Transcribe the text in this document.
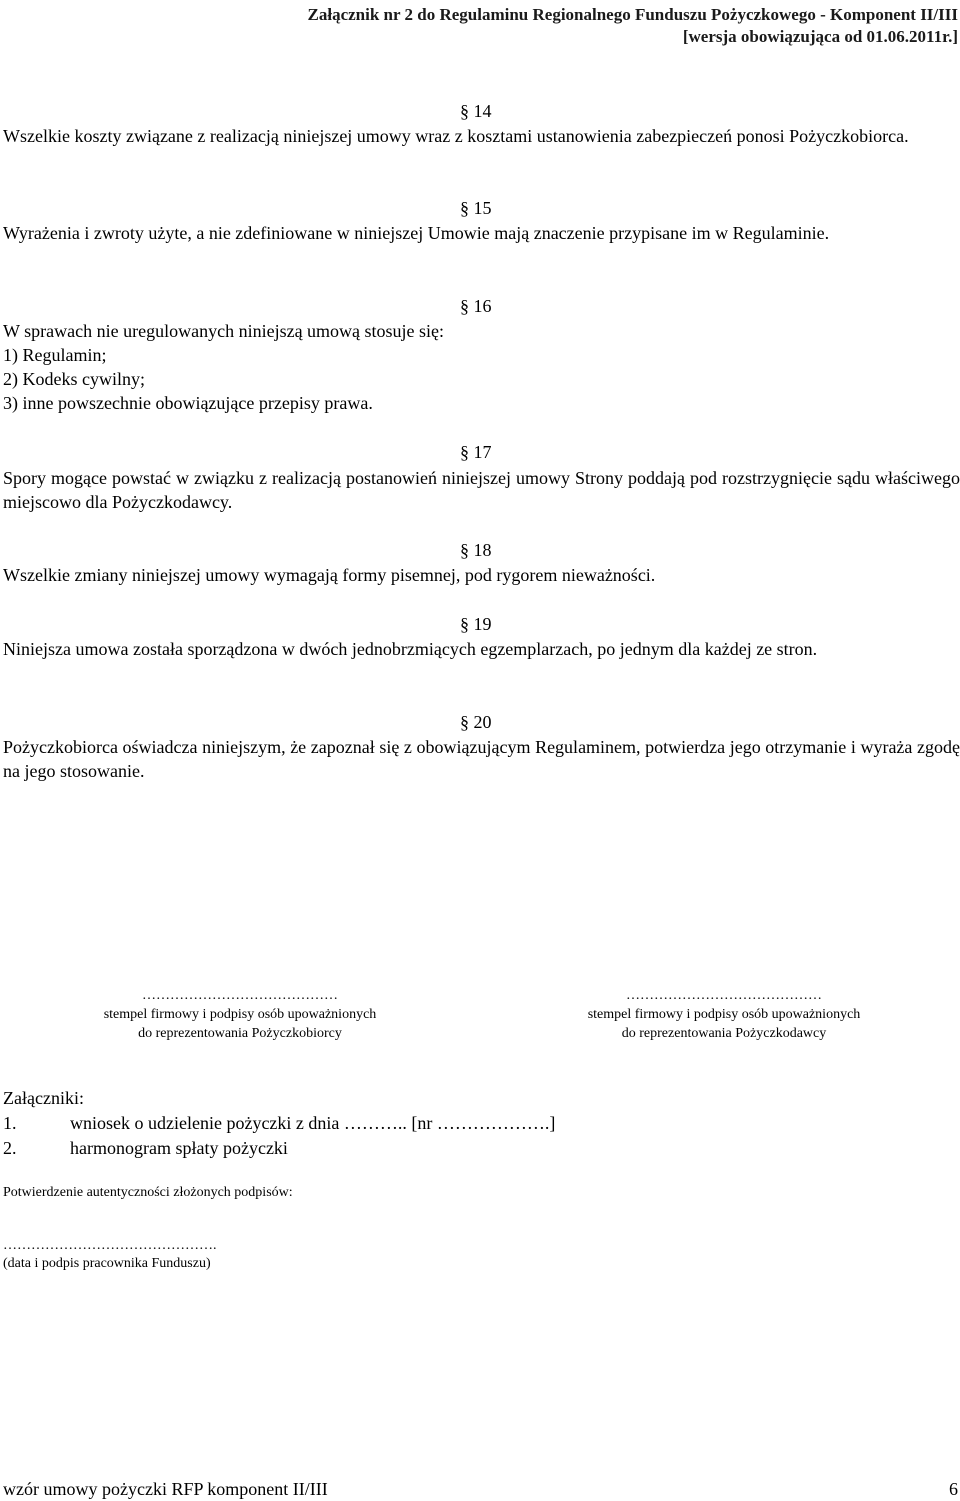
Załącznik nr 2 do Regulaminu Regionalnego Funduszu Pożyczkowego - Komponent II/III
[wersja obowiązująca od 01.06.2011r.]
§ 14
Wszelkie koszty związane z realizacją niniejszej umowy wraz z kosztami ustanowienia zabezpieczeń ponosi Pożyczkobiorca.
§ 15
Wyrażenia i zwroty użyte, a nie zdefiniowane w niniejszej Umowie mają znaczenie przypisane im w Regulaminie.
§ 16
W sprawach nie uregulowanych niniejszą umową stosuje się:
1) Regulamin;
2) Kodeks cywilny;
3) inne powszechnie obowiązujące przepisy prawa.
§ 17
Spory mogące powstać w związku z realizacją postanowień niniejszej umowy Strony poddają pod rozstrzygnięcie sądu właściwego miejscowo dla Pożyczkodawcy.
§ 18
Wszelkie zmiany niniejszej umowy wymagają formy pisemnej, pod rygorem nieważności.
§ 19
Niniejsza umowa została sporządzona w dwóch jednobrzmiących egzemplarzach, po jednym dla każdej ze stron.
§ 20
Pożyczkobiorca oświadcza niniejszym, że zapoznał się z obowiązującym Regulaminem, potwierdza jego otrzymanie i wyraża zgodę na jego stosowanie.
……………………………………
stempel firmowy i podpisy osób upoważnionych
do reprezentowania Pożyczkobiorcy
……………………………………
stempel firmowy i podpisy osób upoważnionych
do reprezentowania Pożyczkodawcy
Załączniki:
1.	wniosek o udzielenie pożyczki z dnia ……….. [nr ……………….]
2.	harmonogram spłaty pożyczki
Potwierdzenie autentyczności złożonych podpisów:
……………………………………….
(data i podpis pracownika Funduszu)
wzór umowy pożyczki RFP komponent II/III	6
